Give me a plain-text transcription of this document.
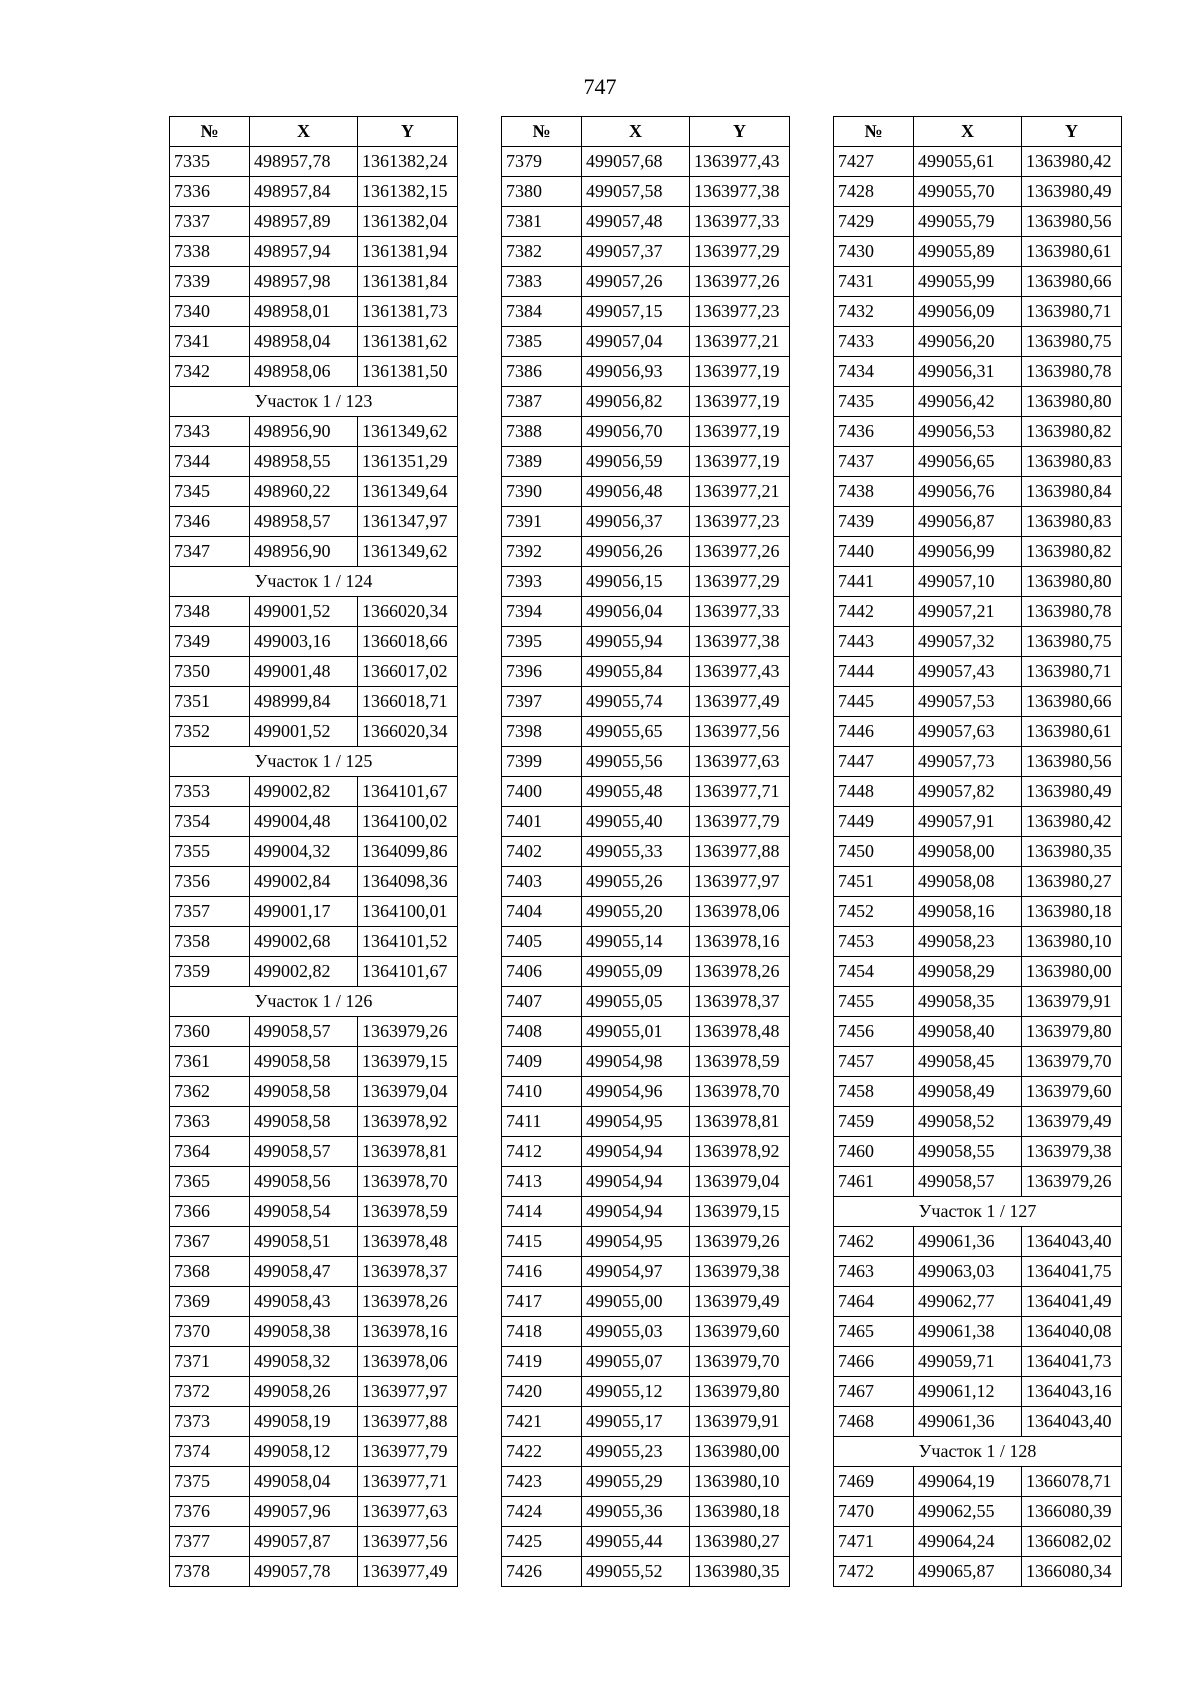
747
№	X	Y
7335	498957,78	1361382,24
7336	498957,84	1361382,15
7337	498957,89	1361382,04
7338	498957,94	1361381,94
7339	498957,98	1361381,84
7340	498958,01	1361381,73
7341	498958,04	1361381,62
7342	498958,06	1361381,50
Участок 1 / 123		
7343	498956,90	1361349,62
7344	498958,55	1361351,29
7345	498960,22	1361349,64
7346	498958,57	1361347,97
7347	498956,90	1361349,62
Участок 1 / 124		
7348	499001,52	1366020,34
7349	499003,16	1366018,66
7350	499001,48	1366017,02
7351	498999,84	1366018,71
7352	499001,52	1366020,34
Участок 1 / 125		
7353	499002,82	1364101,67
7354	499004,48	1364100,02
7355	499004,32	1364099,86
7356	499002,84	1364098,36
7357	499001,17	1364100,01
7358	499002,68	1364101,52
7359	499002,82	1364101,67
Участок 1 / 126		
7360	499058,57	1363979,26
7361	499058,58	1363979,15
7362	499058,58	1363979,04
7363	499058,58	1363978,92
7364	499058,57	1363978,81
7365	499058,56	1363978,70
7366	499058,54	1363978,59
7367	499058,51	1363978,48
7368	499058,47	1363978,37
7369	499058,43	1363978,26
7370	499058,38	1363978,16
7371	499058,32	1363978,06
7372	499058,26	1363977,97
7373	499058,19	1363977,88
7374	499058,12	1363977,79
7375	499058,04	1363977,71
7376	499057,96	1363977,63
7377	499057,87	1363977,56
7378	499057,78	1363977,49
№	X	Y
7379	499057,68	1363977,43
7380	499057,58	1363977,38
7381	499057,48	1363977,33
7382	499057,37	1363977,29
7383	499057,26	1363977,26
7384	499057,15	1363977,23
7385	499057,04	1363977,21
7386	499056,93	1363977,19
7387	499056,82	1363977,19
7388	499056,70	1363977,19
7389	499056,59	1363977,19
7390	499056,48	1363977,21
7391	499056,37	1363977,23
7392	499056,26	1363977,26
7393	499056,15	1363977,29
7394	499056,04	1363977,33
7395	499055,94	1363977,38
7396	499055,84	1363977,43
7397	499055,74	1363977,49
7398	499055,65	1363977,56
7399	499055,56	1363977,63
7400	499055,48	1363977,71
7401	499055,40	1363977,79
7402	499055,33	1363977,88
7403	499055,26	1363977,97
7404	499055,20	1363978,06
7405	499055,14	1363978,16
7406	499055,09	1363978,26
7407	499055,05	1363978,37
7408	499055,01	1363978,48
7409	499054,98	1363978,59
7410	499054,96	1363978,70
7411	499054,95	1363978,81
7412	499054,94	1363978,92
7413	499054,94	1363979,04
7414	499054,94	1363979,15
7415	499054,95	1363979,26
7416	499054,97	1363979,38
7417	499055,00	1363979,49
7418	499055,03	1363979,60
7419	499055,07	1363979,70
7420	499055,12	1363979,80
7421	499055,17	1363979,91
7422	499055,23	1363980,00
7423	499055,29	1363980,10
7424	499055,36	1363980,18
7425	499055,44	1363980,27
7426	499055,52	1363980,35
№	X	Y
7427	499055,61	1363980,42
7428	499055,70	1363980,49
7429	499055,79	1363980,56
7430	499055,89	1363980,61
7431	499055,99	1363980,66
7432	499056,09	1363980,71
7433	499056,20	1363980,75
7434	499056,31	1363980,78
7435	499056,42	1363980,80
7436	499056,53	1363980,82
7437	499056,65	1363980,83
7438	499056,76	1363980,84
7439	499056,87	1363980,83
7440	499056,99	1363980,82
7441	499057,10	1363980,80
7442	499057,21	1363980,78
7443	499057,32	1363980,75
7444	499057,43	1363980,71
7445	499057,53	1363980,66
7446	499057,63	1363980,61
7447	499057,73	1363980,56
7448	499057,82	1363980,49
7449	499057,91	1363980,42
7450	499058,00	1363980,35
7451	499058,08	1363980,27
7452	499058,16	1363980,18
7453	499058,23	1363980,10
7454	499058,29	1363980,00
7455	499058,35	1363979,91
7456	499058,40	1363979,80
7457	499058,45	1363979,70
7458	499058,49	1363979,60
7459	499058,52	1363979,49
7460	499058,55	1363979,38
7461	499058,57	1363979,26
Участок 1 / 127		
7462	499061,36	1364043,40
7463	499063,03	1364041,75
7464	499062,77	1364041,49
7465	499061,38	1364040,08
7466	499059,71	1364041,73
7467	499061,12	1364043,16
7468	499061,36	1364043,40
Участок 1 / 128		
7469	499064,19	1366078,71
7470	499062,55	1366080,39
7471	499064,24	1366082,02
7472	499065,87	1366080,34
